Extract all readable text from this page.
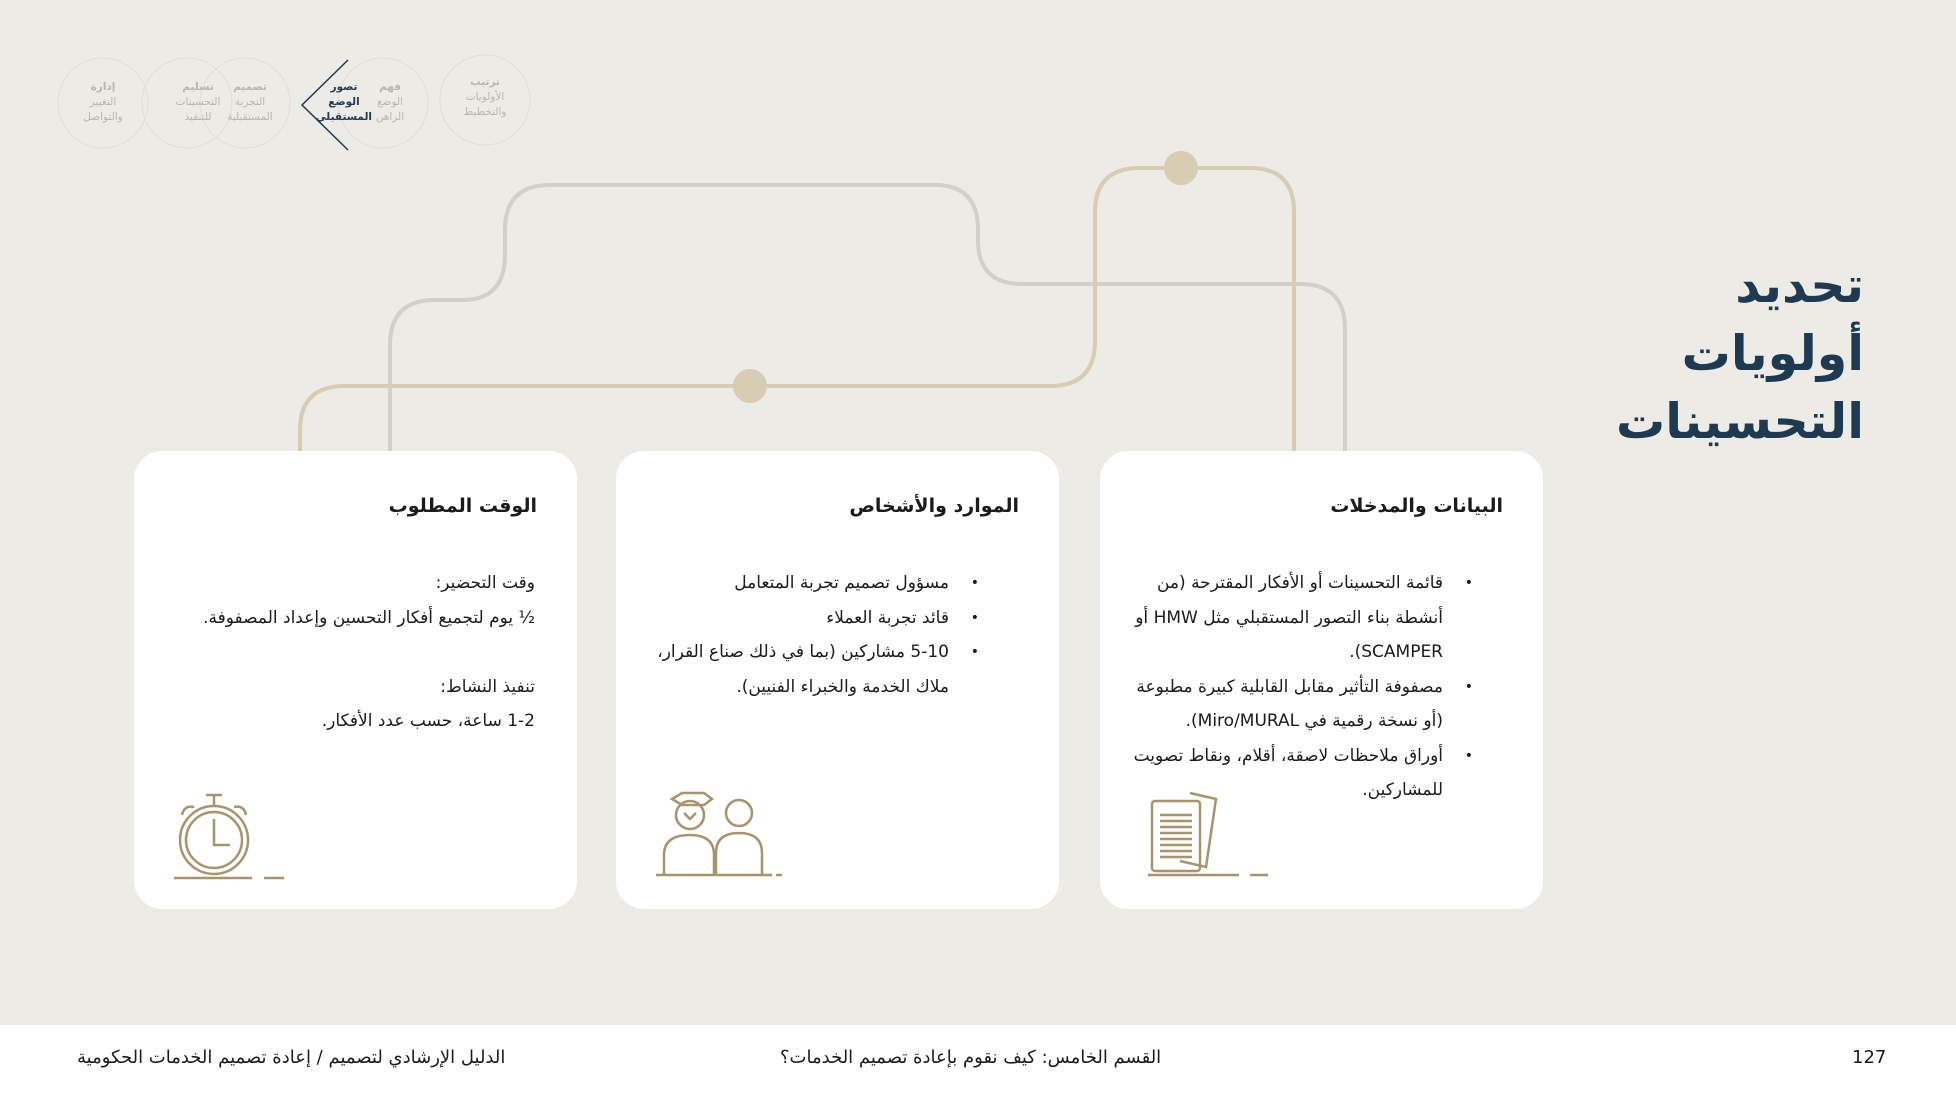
ترتيب
الأولويات والتخطيط
فهم
الوضع الراهن
تصور
الوضع المستقبلي
تصميم
التجربة المستقبلية
تسليم
التحسينات للتنفيذ
إدارة
التغيير والتواصل
تحديد أولويات التحسينات
البيانات والمدخلات
• قائمة التحسينات أو الأفكار المقترحة (من أنشطة بناء التصور المستقبلي مثل HMW أو SCAMPER).
• مصفوفة التأثير مقابل القابلية كبيرة مطبوعة (أو نسخة رقمية في Miro/MURAL).
• أوراق ملاحظات لاصقة، أقلام، ونقاط تصويت للمشاركين.
الموارد والأشخاص
• مسؤول تصميم تجربة المتعامل
• قائد تجربة العملاء
• 5-10 مشاركين (بما في ذلك صناع القرار، ملاك الخدمة والخبراء الفنيين).
الوقت المطلوب

وقت التحضير:

½ يوم لتجميع أفكار التحسين وإعداد المصفوفة.

تنفيذ النشاط:

1-2 ساعة، حسب عدد الأفكار.

127
القسم الخامس: كيف نقوم بإعادة تصميم الخدمات؟
الدليل الإرشادي لتصميم / إعادة تصميم الخدمات الحكومية
